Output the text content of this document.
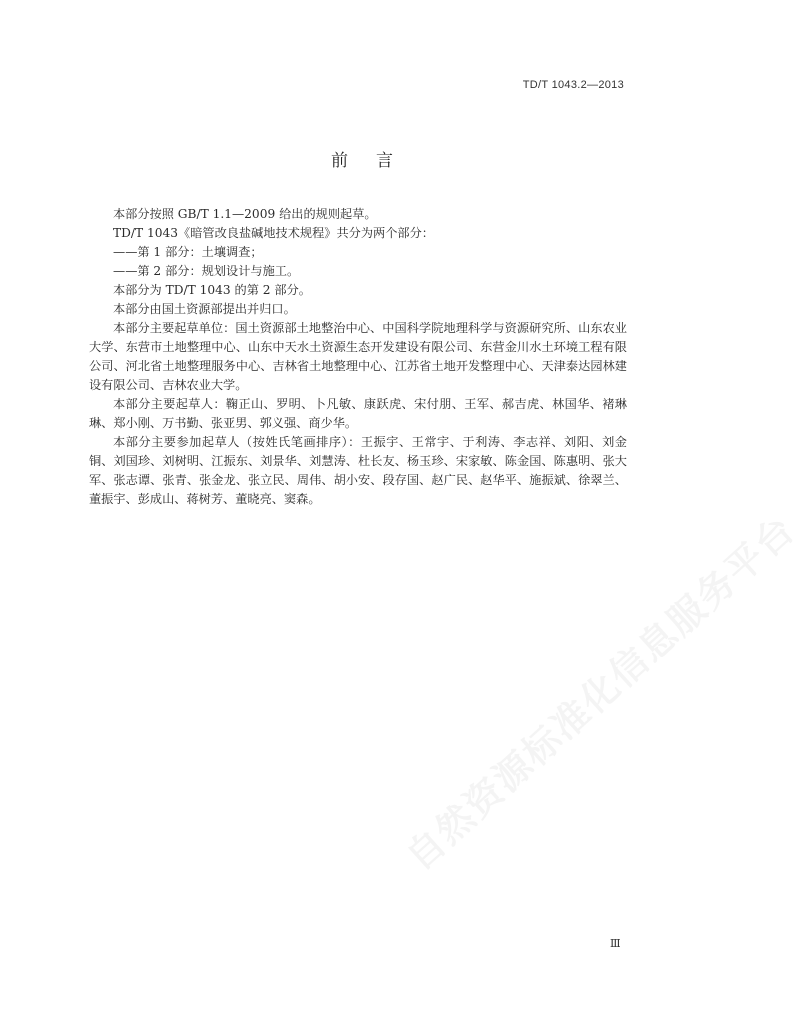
TD/T 1043.2—2013
前言

本部分按照 GB/T 1.1—2009 给出的规则起草。

TD/T 1043《暗管改良盐碱地技术规程》共分为两个部分：

——第 1 部分：土壤调查；

——第 2 部分：规划设计与施工。

本部分为 TD/T 1043 的第 2 部分。

本部分由国土资源部提出并归口。

本部分主要起草单位：国土资源部土地整治中心、中国科学院地理科学与资源研究所、山东农业大学、东营市土地整理中心、山东中天水土资源生态开发建设有限公司、东营金川水土环境工程有限公司、河北省土地整理服务中心、吉林省土地整理中心、江苏省土地开发整理中心、天津泰达园林建设有限公司、吉林农业大学。

本部分主要起草人：鞠正山、罗明、卜凡敏、康跃虎、宋付朋、王军、郝吉虎、林国华、褚琳琳、郑小刚、万书勤、张亚男、郭义强、商少华。

本部分主要参加起草人（按姓氏笔画排序）：王振宇、王常宇、于利涛、李志祥、刘阳、刘金铜、刘国珍、刘树明、江振东、刘景华、刘慧涛、杜长友、杨玉珍、宋家敏、陈金国、陈惠明、张大军、张志谭、张青、张金龙、张立民、周伟、胡小安、段存国、赵广民、赵华平、施振斌、徐翠兰、董振宇、彭成山、蒋树芳、董晓亮、窦森。

Ⅲ
自然资源标准化信息服务平台
